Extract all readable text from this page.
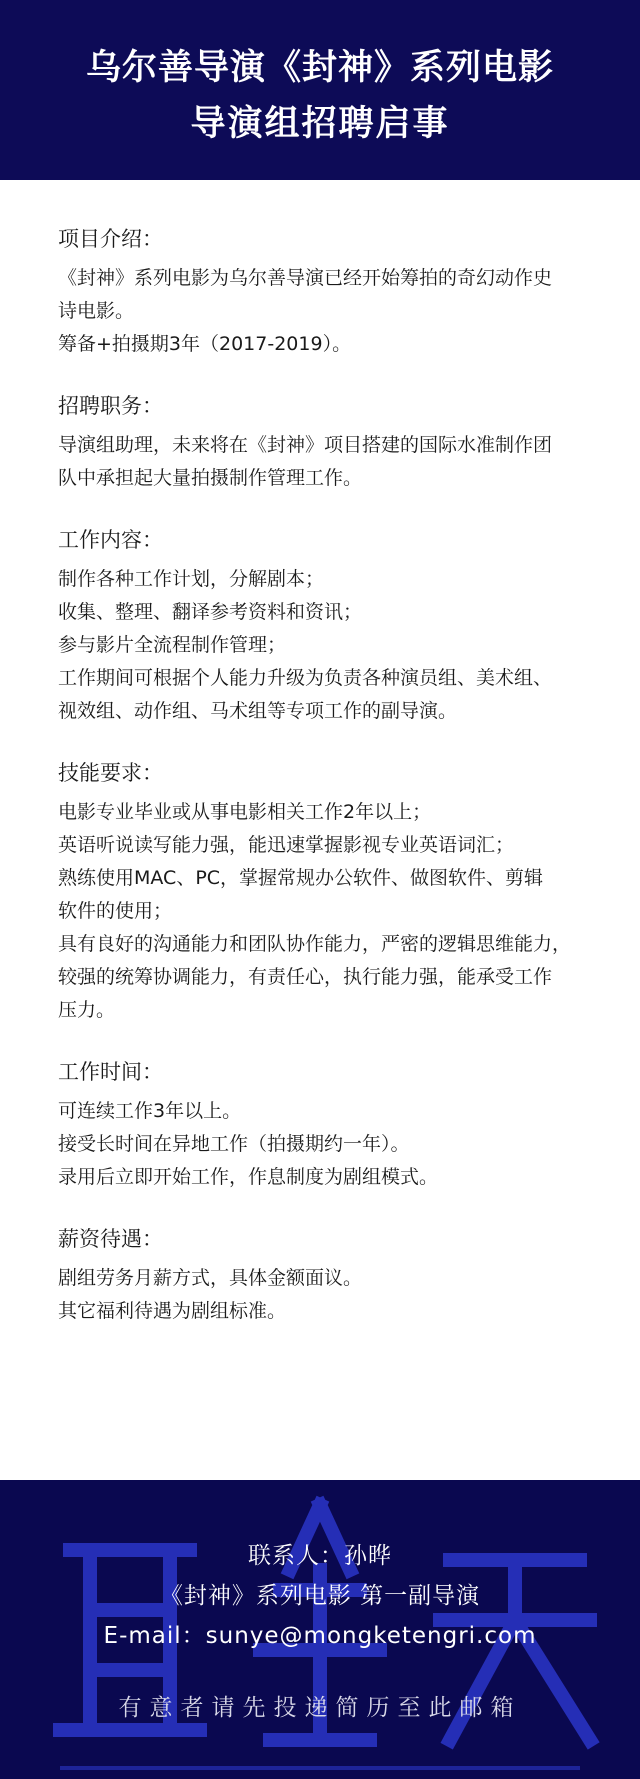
乌尔善导演《封神》系列电影
导演组招聘启事
项目介绍：
《封神》系列电影为乌尔善导演已经开始筹拍的奇幻动作史
诗电影。
筹备+拍摄期3年（2017-2019）。
招聘职务：
导演组助理，未来将在《封神》项目搭建的国际水准制作团
队中承担起大量拍摄制作管理工作。
工作内容：
制作各种工作计划，分解剧本；
收集、整理、翻译参考资料和资讯；
参与影片全流程制作管理；
工作期间可根据个人能力升级为负责各种演员组、美术组、
视效组、动作组、马术组等专项工作的副导演。
技能要求：
电影专业毕业或从事电影相关工作2年以上；
英语听说读写能力强，能迅速掌握影视专业英语词汇；
熟练使用MAC、PC，掌握常规办公软件、做图软件、剪辑
软件的使用；
具有良好的沟通能力和团队协作能力，严密的逻辑思维能力，
较强的统筹协调能力，有责任心，执行能力强，能承受工作
压力。
工作时间：
可连续工作3年以上。
接受长时间在异地工作（拍摄期约一年）。
录用后立即开始工作，作息制度为剧组模式。
薪资待遇：
剧组劳务月薪方式，具体金额面议。
其它福利待遇为剧组标准。
联系人：孙晔
《封神》系列电影 第一副导演
E-mail：sunye@mongketengri.com
有意者请先投递简历至此邮箱
